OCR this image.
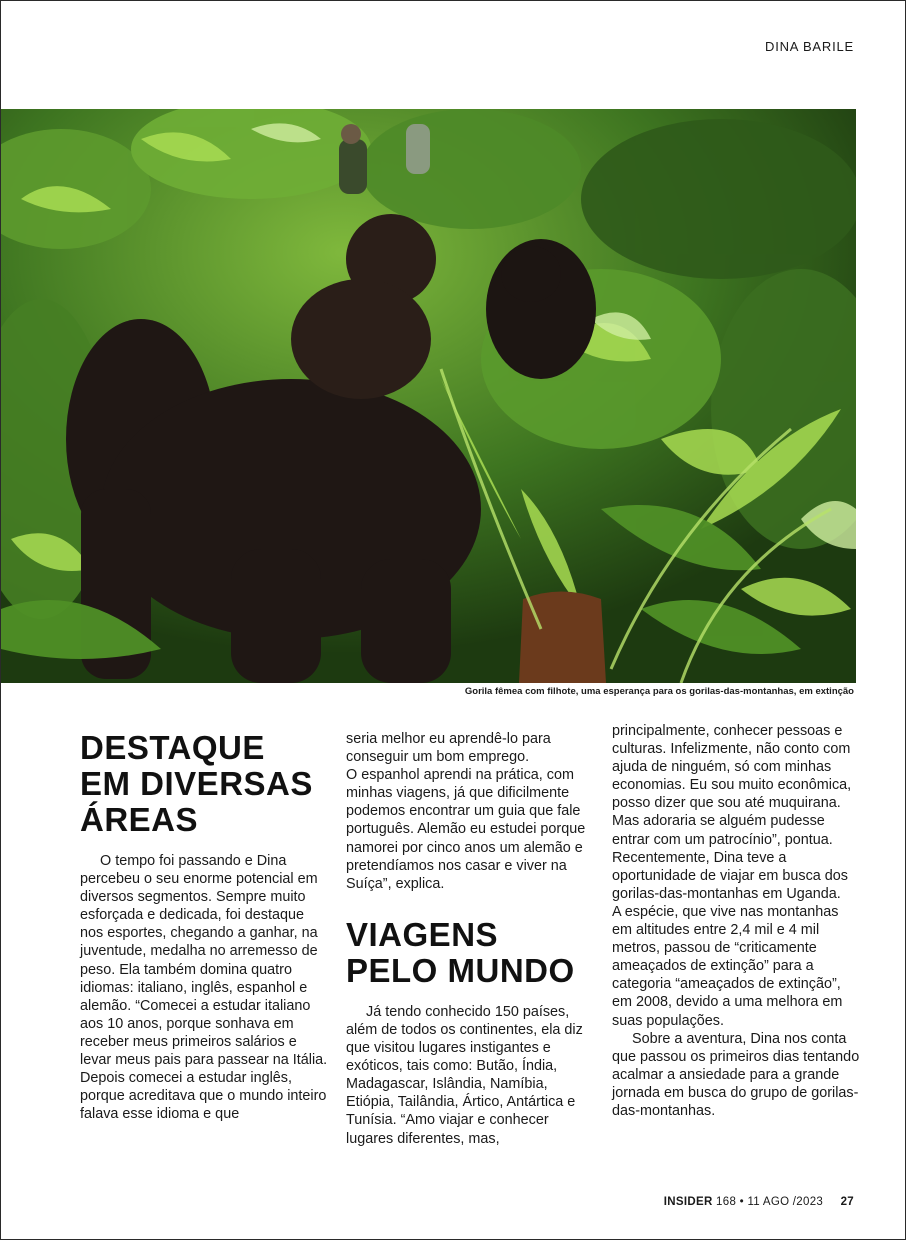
DINA BARILE
Gorila fêmea com filhote, uma esperança para os gorilas-das-montanhas, em extinção
DESTAQUE
EM DIVERSAS
ÁREAS

O tempo foi passando e Dina percebeu o seu enorme potencial em diversos segmentos. Sempre muito esforçada e dedicada, foi destaque nos esportes, chegando a ganhar, na juventude, medalha no arremesso de peso. Ela também domina quatro idiomas: italiano, inglês, espanhol e alemão. “Comecei a estudar italiano aos 10 anos, porque sonhava em receber meus primeiros salários e levar meus pais para passear na Itália. Depois comecei a estudar inglês, porque acreditava que o mundo inteiro falava esse idioma e que

seria melhor eu aprendê-lo para conseguir um bom emprego.

O espanhol aprendi na prática, com minhas viagens, já que dificilmente podemos encontrar um guia que fale português. Alemão eu estudei porque namorei por cinco anos um alemão e pretendíamos nos casar e viver na Suíça”, explica.

VIAGENS
PELO MUNDO

Já tendo conhecido 150 países, além de todos os continentes, ela diz que visitou lugares instigantes e exóticos, tais como: Butão, Índia, Madagascar, Islândia, Namíbia, Etiópia, Tailândia, Ártico, Antártica e Tunísia. “Amo viajar e conhecer lugares diferentes, mas,

principalmente, conhecer pessoas e culturas. Infelizmente, não conto com ajuda de ninguém, só com minhas economias. Eu sou muito econômica, posso dizer que sou até muquirana. Mas adoraria se alguém pudesse entrar com um patrocínio”, pontua. Recentemente, Dina teve a oportunidade de viajar em busca dos gorilas-das-montanhas em Uganda.

A espécie, que vive nas montanhas em altitudes entre 2,4 mil e 4 mil metros, passou de “criticamente ameaçados de extinção” para a categoria “ameaçados de extinção”, em 2008, devido a uma melhora em suas populações.

Sobre a aventura, Dina nos conta que passou os primeiros dias tentando acalmar a ansiedade para a grande jornada em busca do grupo de gorilas-das-montanhas.

INSIDER 168 • 11 AGO /2023 27
